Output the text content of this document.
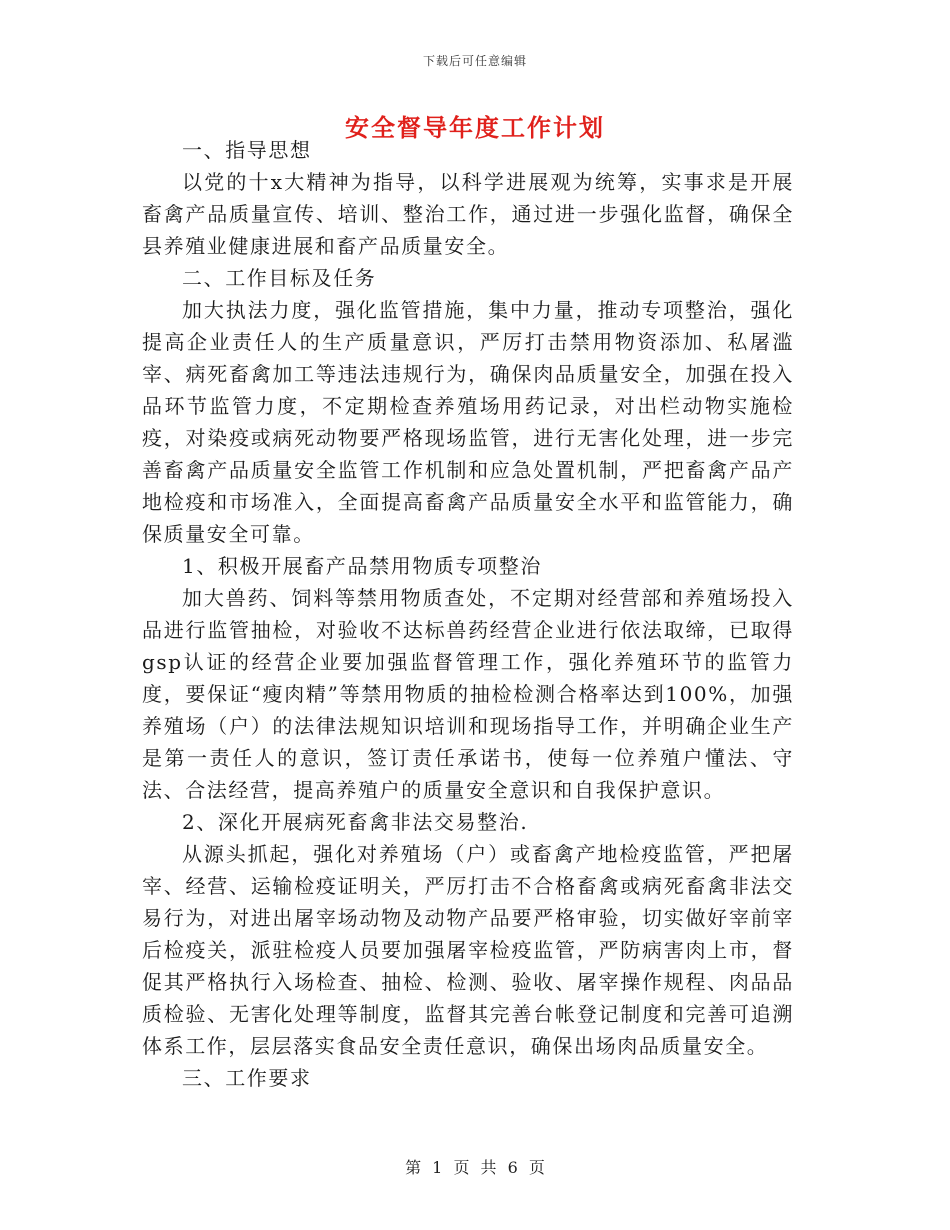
下载后可任意编辑
安全督导年度工作计划

一、指导思想

以党的十x大精神为指导，以科学进展观为统筹，实事求是开展畜禽产品质量宣传、培训、整治工作，通过进一步强化监督，确保全县养殖业健康进展和畜产品质量安全。

二、工作目标及任务

加大执法力度，强化监管措施，集中力量，推动专项整治，强化提高企业责任人的生产质量意识，严厉打击禁用物资添加、私屠滥宰、病死畜禽加工等违法违规行为，确保肉品质量安全，加强在投入品环节监管力度，不定期检查养殖场用药记录，对出栏动物实施检疫，对染疫或病死动物要严格现场监管，进行无害化处理，进一步完善畜禽产品质量安全监管工作机制和应急处置机制，严把畜禽产品产地检疫和市场准入，全面提高畜禽产品质量安全水平和监管能力，确保质量安全可靠。

1、积极开展畜产品禁用物质专项整治

加大兽药、饲料等禁用物质查处，不定期对经营部和养殖场投入品进行监管抽检，对验收不达标兽药经营企业进行依法取缔，已取得gsp认证的经营企业要加强监督管理工作，强化养殖环节的监管力度，要保证“瘦肉精”等禁用物质的抽检检测合格率达到100%，加强养殖场（户）的法律法规知识培训和现场指导工作，并明确企业生产是第一责任人的意识，签订责任承诺书，使每一位养殖户懂法、守法、合法经营，提高养殖户的质量安全意识和自我保护意识。

2、深化开展病死畜禽非法交易整治.

从源头抓起，强化对养殖场（户）或畜禽产地检疫监管，严把屠宰、经营、运输检疫证明关，严厉打击不合格畜禽或病死畜禽非法交易行为，对进出屠宰场动物及动物产品要严格审验，切实做好宰前宰后检疫关，派驻检疫人员要加强屠宰检疫监管，严防病害肉上市，督促其严格执行入场检查、抽检、检测、验收、屠宰操作规程、肉品品质检验、无害化处理等制度，监督其完善台帐登记制度和完善可追溯体系工作，层层落实食品安全责任意识，确保出场肉品质量安全。

三、工作要求

第 1 页 共 6 页
